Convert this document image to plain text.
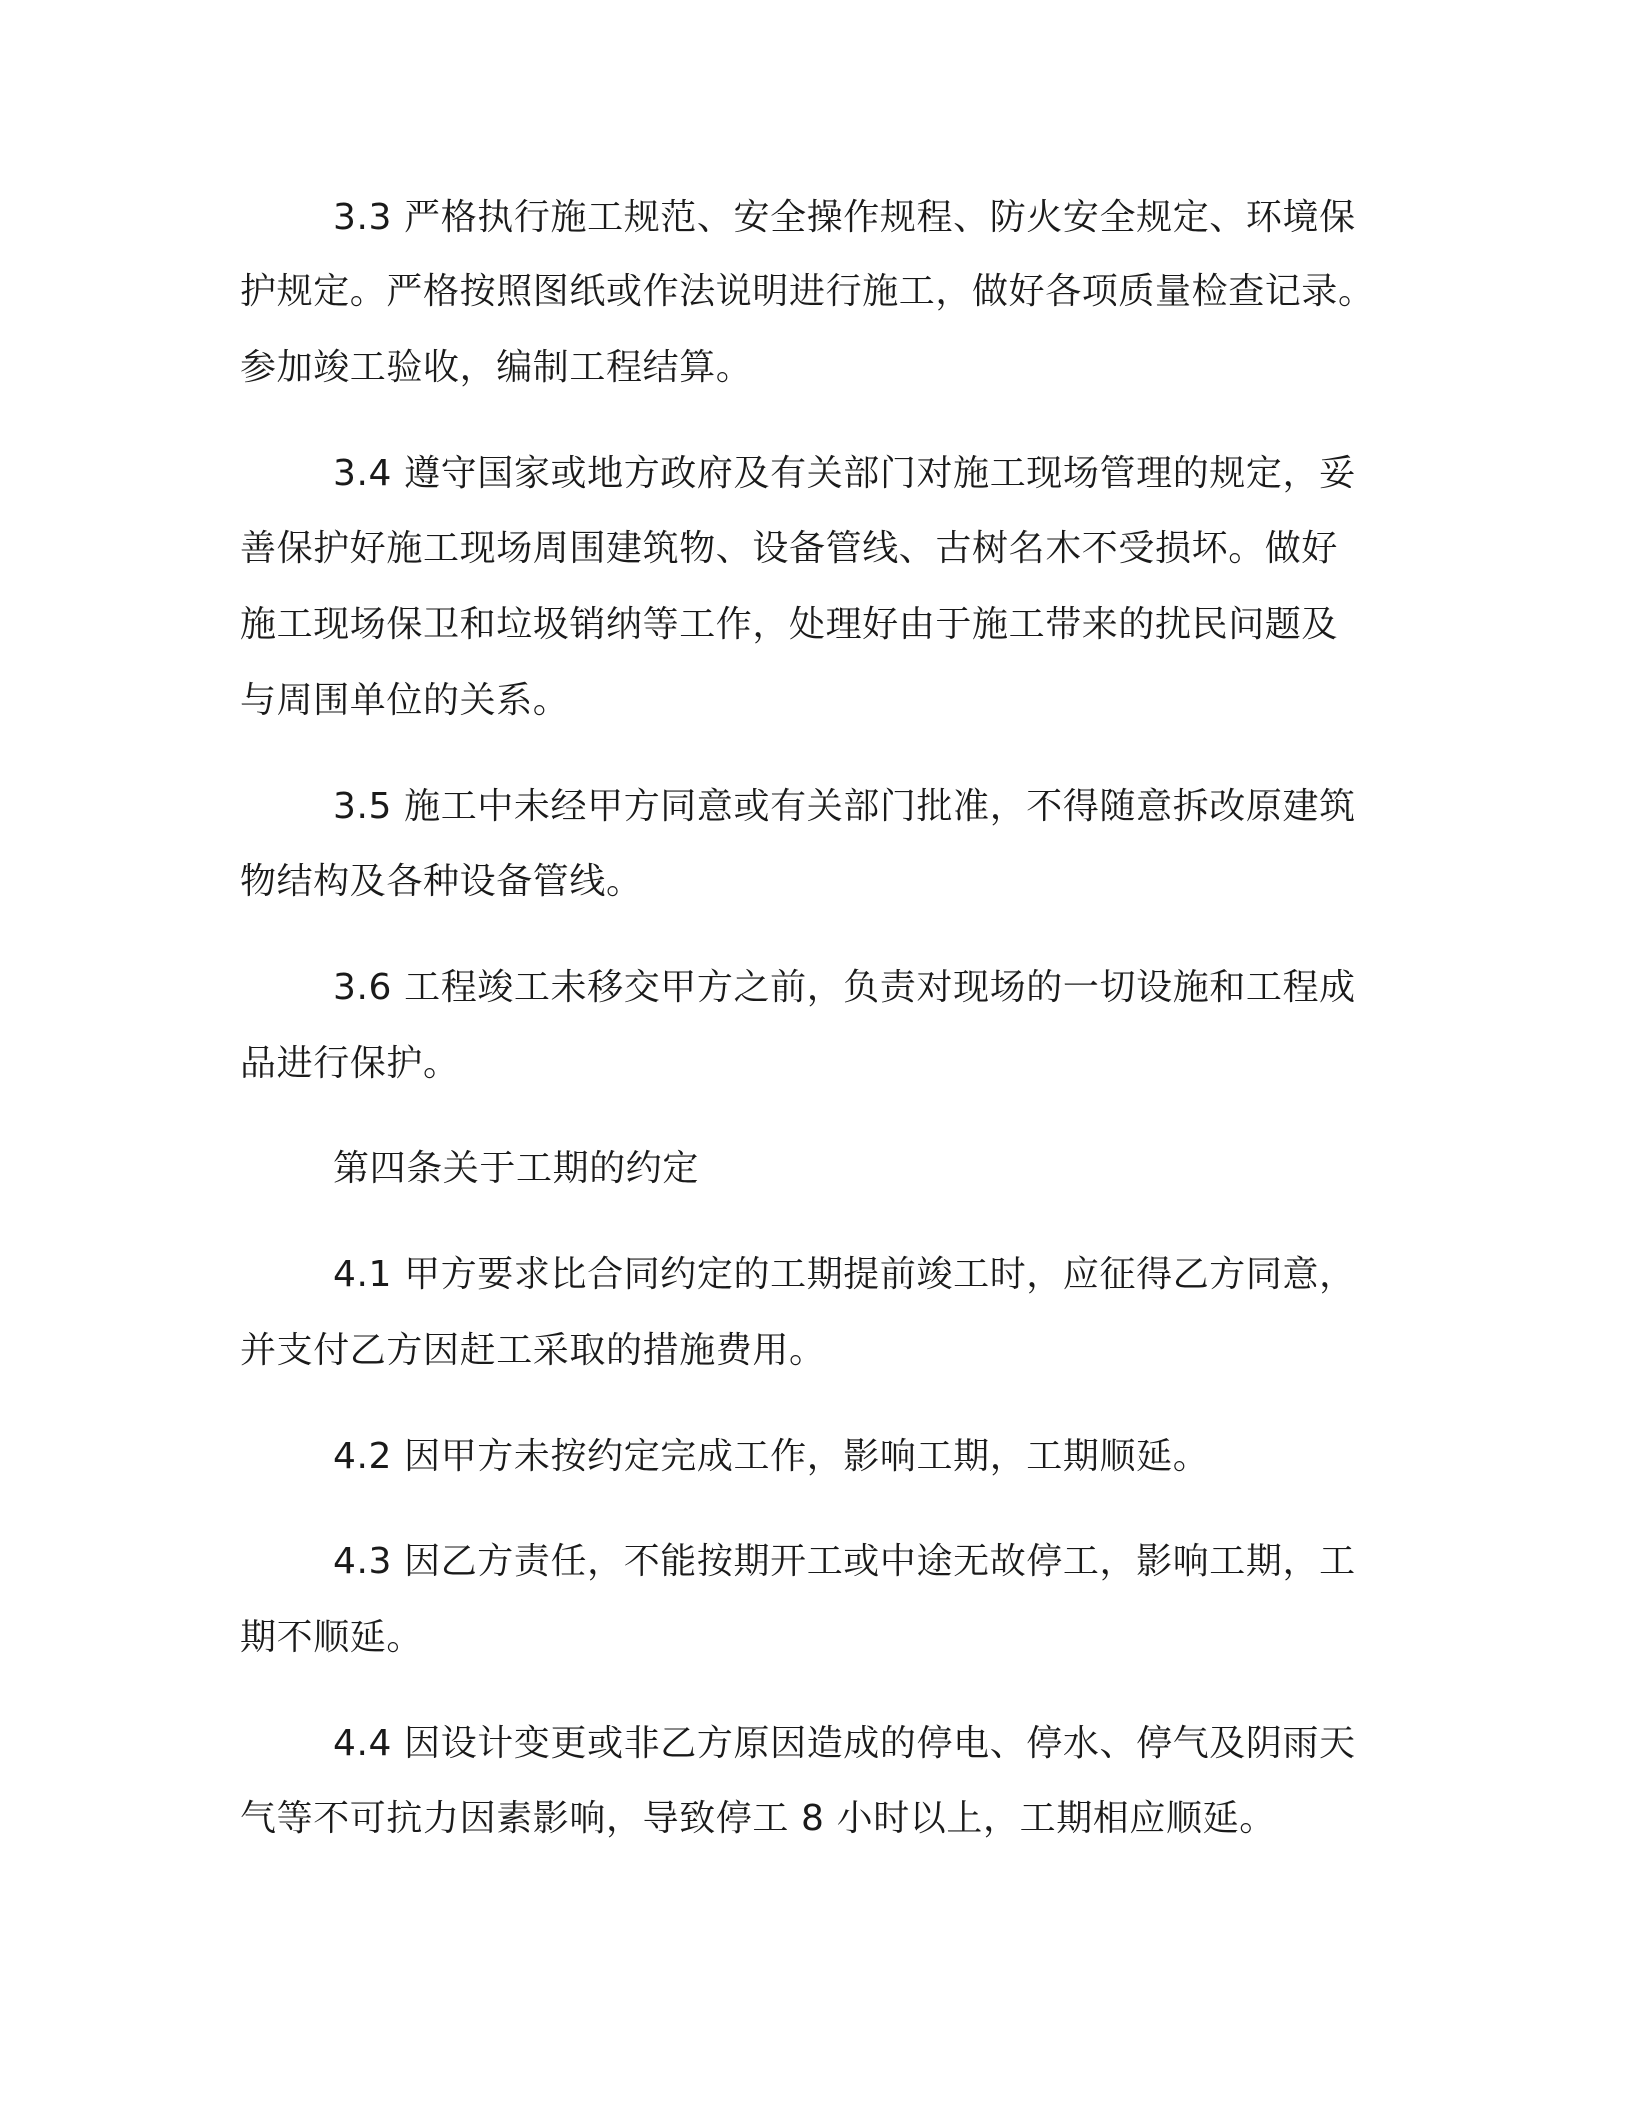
3.3 严格执行施工规范、安全操作规程、防火安全规定、环境保
护规定。严格按照图纸或作法说明进行施工，做好各项质量检查记录。
参加竣工验收，编制工程结算。
3.4 遵守国家或地方政府及有关部门对施工现场管理的规定，妥
善保护好施工现场周围建筑物、设备管线、古树名木不受损坏。做好
施工现场保卫和垃圾销纳等工作，处理好由于施工带来的扰民问题及
与周围单位的关系。
3.5 施工中未经甲方同意或有关部门批准，不得随意拆改原建筑
物结构及各种设备管线。
3.6 工程竣工未移交甲方之前，负责对现场的一切设施和工程成
品进行保护。
第四条关于工期的约定
4.1 甲方要求比合同约定的工期提前竣工时，应征得乙方同意，
并支付乙方因赶工采取的措施费用。
4.2 因甲方未按约定完成工作，影响工期，工期顺延。
4.3 因乙方责任，不能按期开工或中途无故停工，影响工期，工
期不顺延。
4.4 因设计变更或非乙方原因造成的停电、停水、停气及阴雨天
气等不可抗力因素影响，导致停工 8 小时以上，工期相应顺延。
